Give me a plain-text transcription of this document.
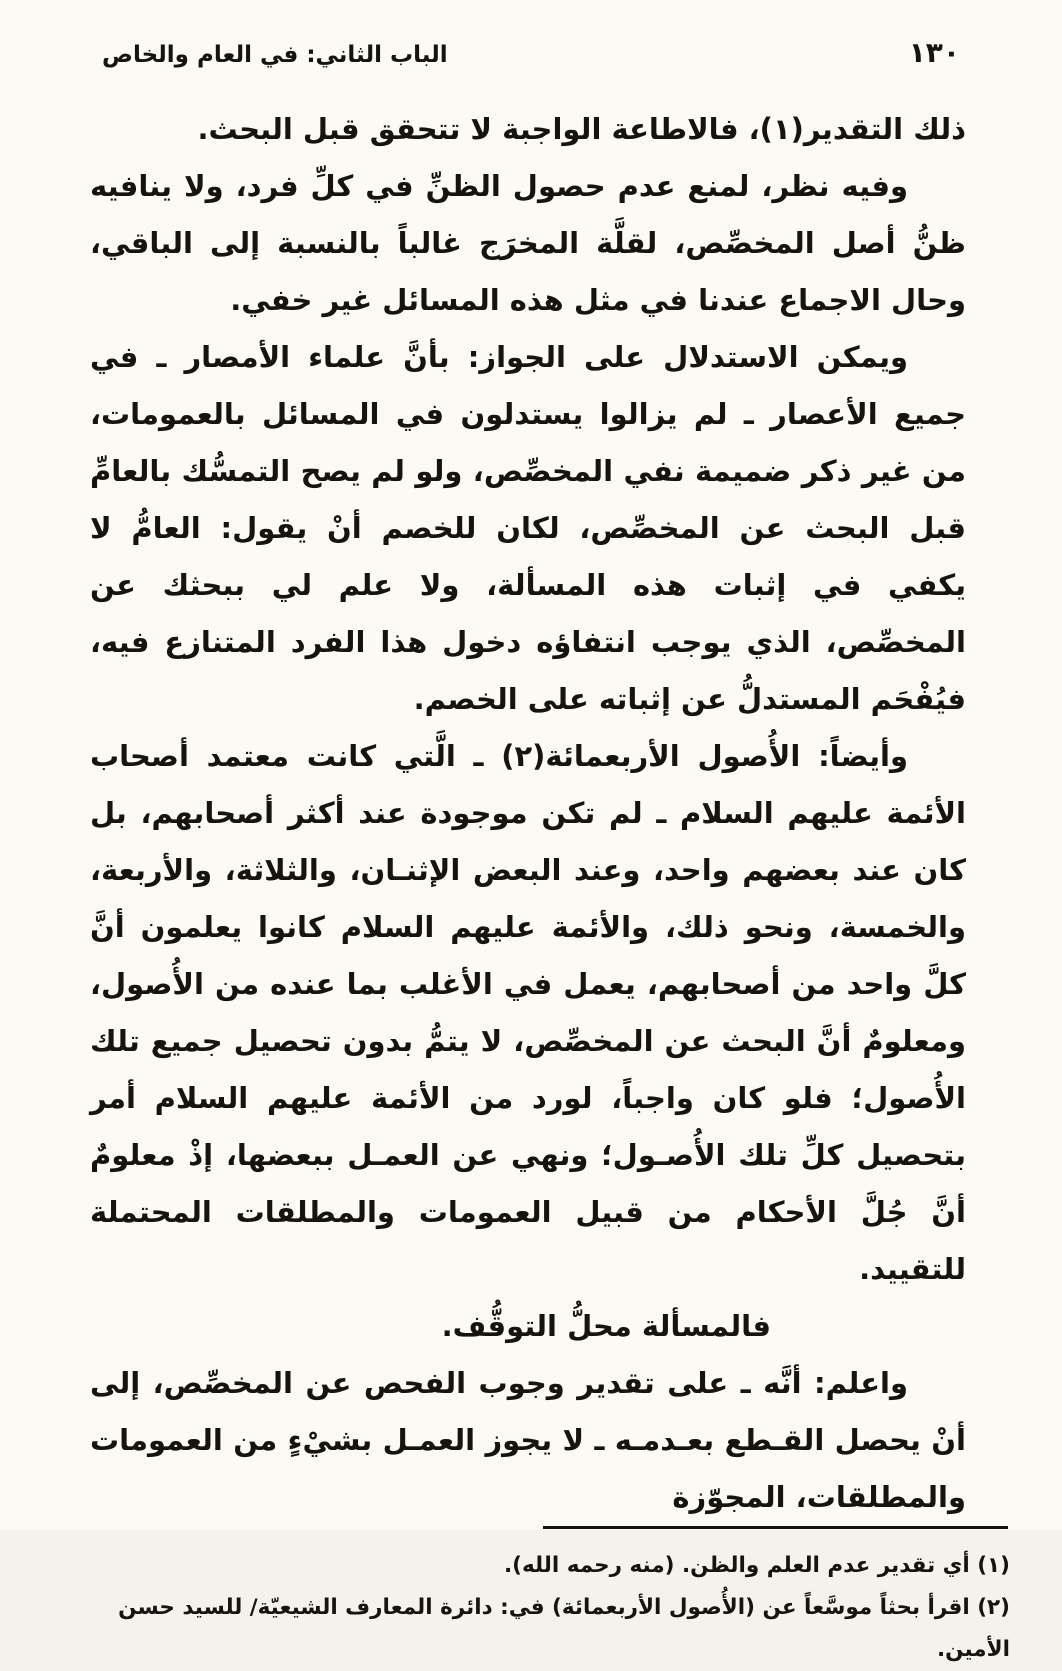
الباب الثاني: في العام والخاص	١٣٠

ذلك التقدير(١)، فالاطاعة الواجبة لا تتحقق قبل البحث.

وفيه نظر، لمنع عدم حصول الظنِّ في كلِّ فرد، ولا ينافيه ظنُّ أصل المخصِّص، لقلَّة المخرَج غالباً بالنسبة إلى الباقي، وحال الاجماع عندنا في مثل هذه المسائل غير خفي.

ويمكن الاستدلال على الجواز: بأنَّ علماء الأمصار ـ في جميع الأعصار ـ لم يزالوا يستدلون في المسائل بالعمومات، من غير ذكر ضميمة نفي المخصِّص، ولو لم يصح التمسُّك بالعامِّ قبل البحث عن المخصِّص، لكان للخصم أنْ يقول: العامُّ لا يكفي في إثبات هذه المسألة، ولا علم لي ببحثك عن المخصِّص، الذي يوجب انتفاؤه دخول هذا الفرد المتنازع فيه، فيُفْحَم المستدلُّ عن إثباته على الخصم.

وأيضاً: الأُصول الأربعمائة(٢) ـ الَّتي كانت معتمد أصحاب الأئمة عليهم السلام ـ لم تكن موجودة عند أكثر أصحابهم، بل كان عند بعضهم واحد، وعند البعض الإثنـان، والثلاثة، والأربعة، والخمسة، ونحو ذلك، والأئمة عليهم السلام كانوا يعلمون أنَّ كلَّ واحد من أصحابهم، يعمل في الأغلب بما عنده من الأُصول، ومعلومٌ أنَّ البحث عن المخصِّص، لا يتمُّ بدون تحصيل جميع تلك الأُصول؛ فلو كان واجباً، لورد من الأئمة عليهم السلام أمر بتحصيل كلِّ تلك الأُصـول؛ ونهي عن العمـل ببعضها، إذْ معلومٌ أنَّ جُلَّ الأحكام من قبيل العمومات والمطلقات المحتملة للتقييد.

فالمسألة محلُّ التوقُّف.

واعلم: أنَّه ـ على تقدير وجوب الفحص عن المخصِّص، إلى أنْ يحصل القـطع بعـدمـه ـ لا يجوز العمـل بشيْءٍ من العمومات والمطلقات، المجوّزة

(١) أي تقدير عدم العلم والظن. (منه رحمه الله).

(٢) اقرأ بحثاً موسَّعاً عن (الأُصول الأربعمائة) في: دائرة المعارف الشيعيّة/ للسيد حسن الأمين.
